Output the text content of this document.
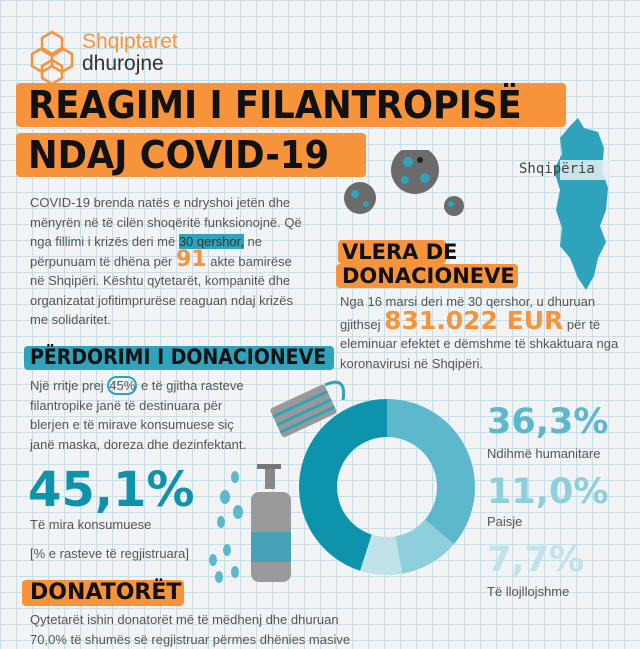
Shqiptaret
dhurojne
REAGIMI I FILANTROPISË
NDAJ COVID-19	Shqipëria
COVID-19 brenda natës e ndryshoi jetën dhe mënyrën në të cilën shoqëritë funksionojnë. Që nga fillimi i krizës deri më 30 qershor, ne përpunuam të dhëna për 91 akte bamirëse në Shqipëri. Kështu qytetarët, kompanitë dhe organizatat jofitimprurëse reaguan ndaj krizës me solidaritet.
VLERA DE
DONACIONEVE
Nga 16 marsi deri më 30 qershor, u dhuruan gjithsej 831.022 EUR për të eleminuar efektet e dëmshme të shkaktuara nga koronavirusi në Shqipëri.
PËRDORIMI I DONACIONEVE
Një rritje prej 45% e të gjitha rasteve filantropike janë të destinuara për blerjen e të mirave konsumuese siç janë maska, doreza dhe dezinfektant.
45,1%
Të mira konsumuese
[% e rasteve të regjistruara]
36,3%
Ndihmë humanitare
11,0%
Paisje
7,7%
Të llojllojshme
DONATORËT
Qytetarët ishin donatorët më të mëdhenj dhe dhuruan 70,0% të shumës së regjistruar përmes dhënies masive
